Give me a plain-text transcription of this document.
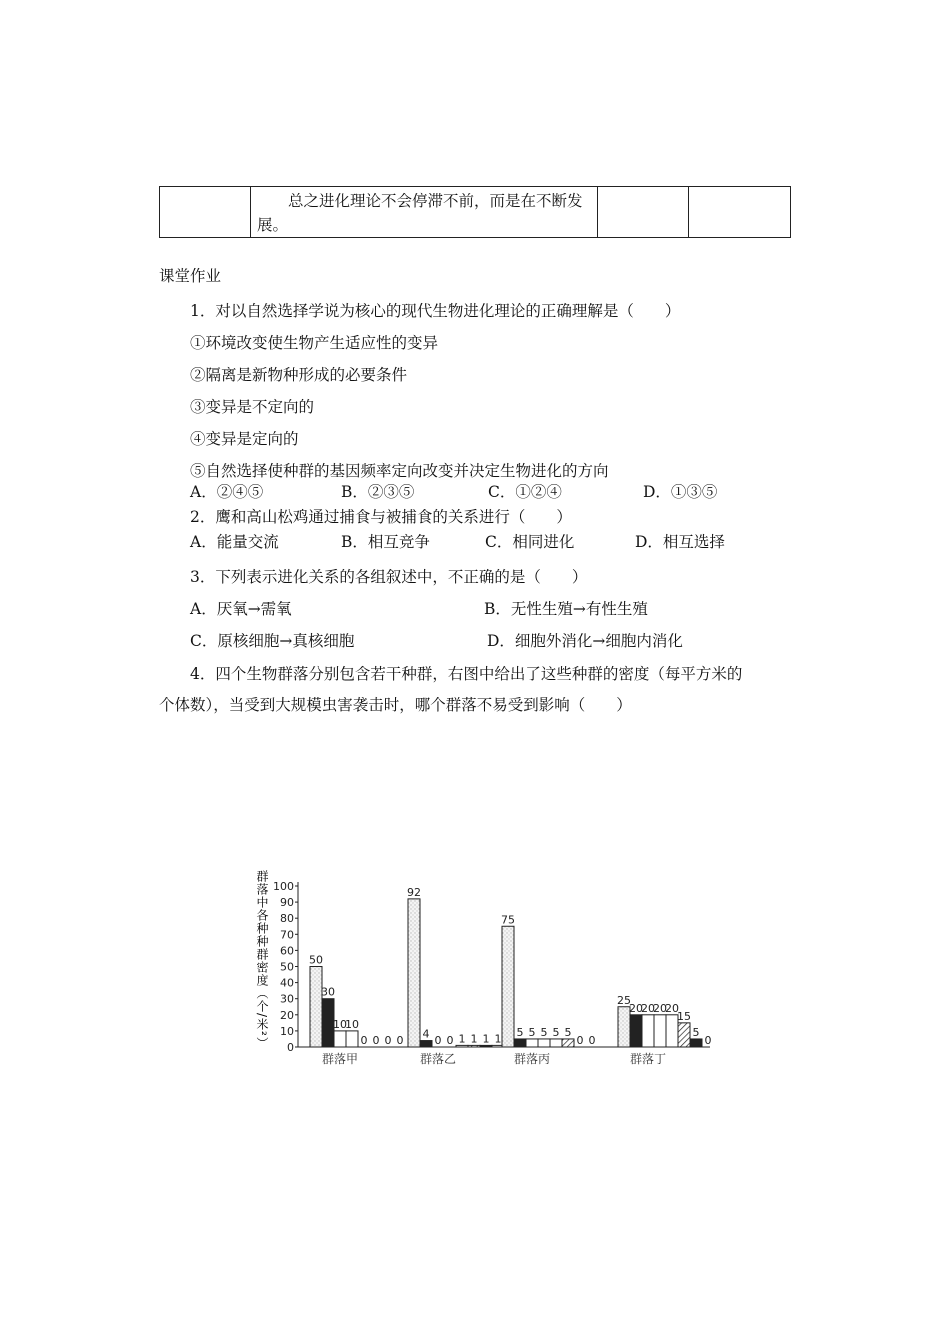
总之进化理论不会停滞不前，而是在不断发展。

课堂作业
1．对以自然选择学说为核心的现代生物进化理论的正确理解是（　　）
①环境改变使生物产生适应性的变异
②隔离是新物种形成的必要条件
③变异是不定向的
④变异是定向的
⑤自然选择使种群的基因频率定向改变并决定生物进化的方向
A．②④⑤	B．②③⑤	C．①②④	D．①③⑤
2．鹰和高山松鸡通过捕食与被捕食的关系进行（　　）
A．能量交流	B．相互竞争	C．相同进化	D．相互选择
3．下列表示进化关系的各组叙述中，不正确的是（　　）
A．厌氧→需氧	B．无性生殖→有性生殖
C．原核细胞→真核细胞	D．细胞外消化→细胞内消化
4．四个生物群落分别包含若干种群，右图中给出了这些种群的密度（每平方米的
个体数），当受到大规模虫害袭击时，哪个群落不易受到影响（　　）
群落中各种种群密度（个/米²） 100
90
80
70
60
50
40
30
20
10
0
50
30
10
10
0 0 0 0
92
4 0 0 1 1 1 1
75
5 5 5 5 5
0 0
25
20
20
20
20
15
5
0
群落甲	群落乙	群落丙	群落丁
